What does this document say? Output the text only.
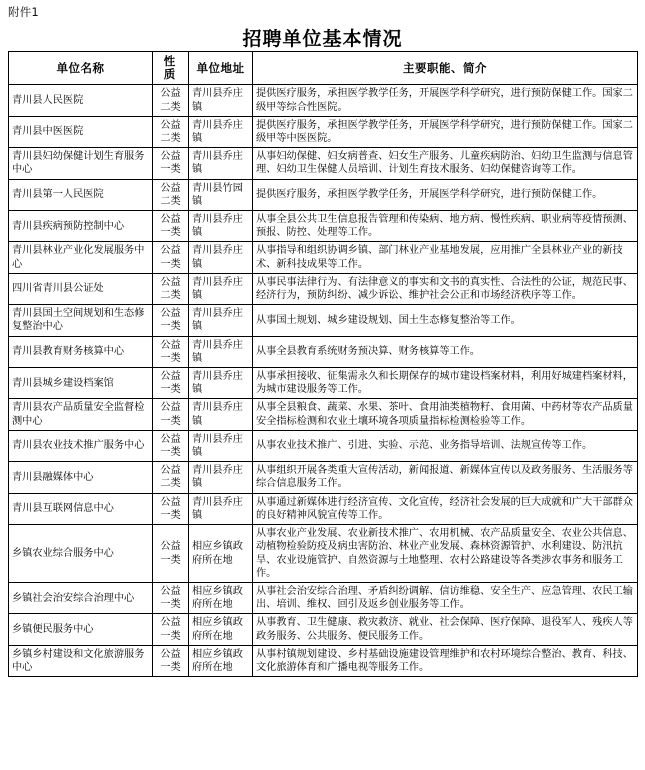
附件1
招聘单位基本情况
单位名称	性 质	单位地址	主要职能、简介
青川县人民医院	公益二类	青川县乔庄镇	提供医疗服务，承担医学教学任务，开展医学科学研究，进行预防保健工作。国家二级甲等综合性医院。
青川县中医医院	公益二类	青川县乔庄镇	提供医疗服务，承担医学教学任务，开展医学科学研究，进行预防保健工作。国家二级甲等中医医院。
青川县妇幼保健计划生育服务中心	公益一类	青川县乔庄镇	从事妇幼保健、妇女病普查、妇女生产服务、儿童疾病防治、妇幼卫生监测与信息管理、妇幼卫生保健人员培训、计划生育技术服务、妇幼保健咨询等工作。
青川县第一人民医院	公益二类	青川县竹园镇	提供医疗服务，承担医学教学任务，开展医学科学研究，进行预防保健工作。
青川县疾病预防控制中心	公益一类	青川县乔庄镇	从事全县公共卫生信息报告管理和传染病、地方病、慢性疾病、职业病等疫情预测、预报、防控、处理等工作。
青川县林业产业化发展服务中心	公益一类	青川县乔庄镇	从事指导和组织协调乡镇、部门林业产业基地发展，应用推广全县林业产业的新技术、新科技成果等工作。
四川省青川县公证处	公益二类	青川县乔庄镇	从事民事法律行为、有法律意义的事实和文书的真实性、合法性的公证，规范民事、经济行为，预防纠纷、减少诉讼、维护社会公正和市场经济秩序等工作。
青川县国土空间规划和生态修复整治中心	公益一类	青川县乔庄镇	从事国土规划、城乡建设规划、国土生态修复整治等工作。
青川县教育财务核算中心	公益一类	青川县乔庄镇	从事全县教育系统财务预决算、财务核算等工作。
青川县城乡建设档案馆	公益一类	青川县乔庄镇	从事承担接收、征集需永久和长期保存的城市建设档案材料，利用好城建档案材料，为城市建设服务等工作。
青川县农产品质量安全监督检测中心	公益一类	青川县乔庄镇	从事全县粮食、蔬菜、水果、茶叶、食用油类植物籽、食用菌、中药材等农产品质量安全指标检测和农业土壤环境各项质量指标检测检验等工作。
青川县农业技术推广服务中心	公益一类	青川县乔庄镇	从事农业技术推广、引进、实验、示范、业务指导培训、法规宣传等工作。
青川县融媒体中心	公益二类	青川县乔庄镇	从事组织开展各类重大宣传活动，新闻报道、新媒体宣传以及政务服务、生活服务等综合信息服务工作。
青川县互联网信息中心	公益一类	青川县乔庄镇	从事通过新媒体进行经济宣传、文化宣传，经济社会发展的巨大成就和广大干部群众的良好精神风貌宣传等工作。
乡镇农业综合服务中心	公益一类	相应乡镇政府所在地	从事农业产业发展、农业新技术推广、农用机械、农产品质量安全、农业公共信息、动植物检验防疫及病虫害防治、林业产业发展、森林资源管护、水利建设、防汛抗旱、农业设施管护、自然资源与土地整理、农村公路建设等各类涉农事务和服务工作。
乡镇社会治安综合治理中心	公益一类	相应乡镇政府所在地	从事社会治安综合治理、矛盾纠纷调解、信访维稳、安全生产、应急管理、农民工输出、培训、维权、回引及返乡创业服务等工作。
乡镇便民服务中心	公益一类	相应乡镇政府所在地	从事教育、卫生健康、救灾救济、就业、社会保障、医疗保障、退役军人、残疾人等政务服务、公共服务、便民服务工作。
乡镇乡村建设和文化旅游服务中心	公益一类	相应乡镇政府所在地	从事村镇规划建设、乡村基础设施建设管理维护和农村环境综合整治、教育、科技、文化旅游体育和广播电视等服务工作。
